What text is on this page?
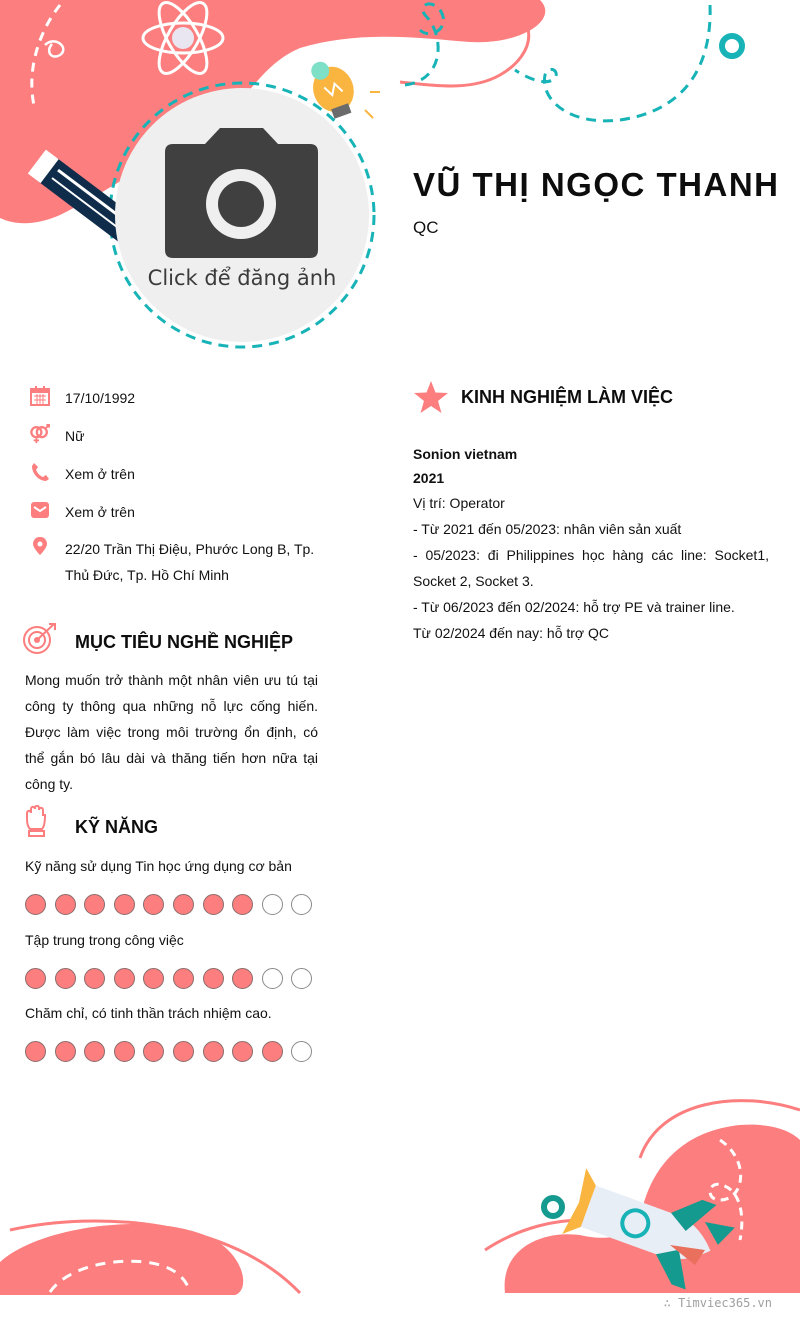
Click để đăng ảnh
VŨ THỊ NGỌC THANH
QC
17/10/1992
Nữ
Xem ở trên
Xem ở trên
22/20 Trần Thị Điệu, Phước Long B, Tp. Thủ Đức, Tp. Hồ Chí Minh
MỤC TIÊU NGHỀ NGHIỆP
Mong muốn trở thành một nhân viên ưu tú tại công ty thông qua những nỗ lực cống hiến. Được làm việc trong môi trường ổn định, có thể gắn bó lâu dài và thăng tiến hơn nữa tại công ty.
KỸ NĂNG
Kỹ năng sử dụng Tin học ứng dụng cơ bản
Tập trung trong công việc
Chăm chỉ, có tinh thần trách nhiệm cao.
KINH NGHIỆM LÀM VIỆC
Sonion vietnam
2021
Vị trí: Operator
- Từ 2021 đến 05/2023: nhân viên sản xuất
- 05/2023: đi Philippines học hàng các line: Socket1, Socket 2, Socket 3.
- Từ 06/2023 đến 02/2024: hỗ trợ PE và trainer line.
Từ 02/2024 đến nay: hỗ trợ QC
∴ Timviec365.vn
